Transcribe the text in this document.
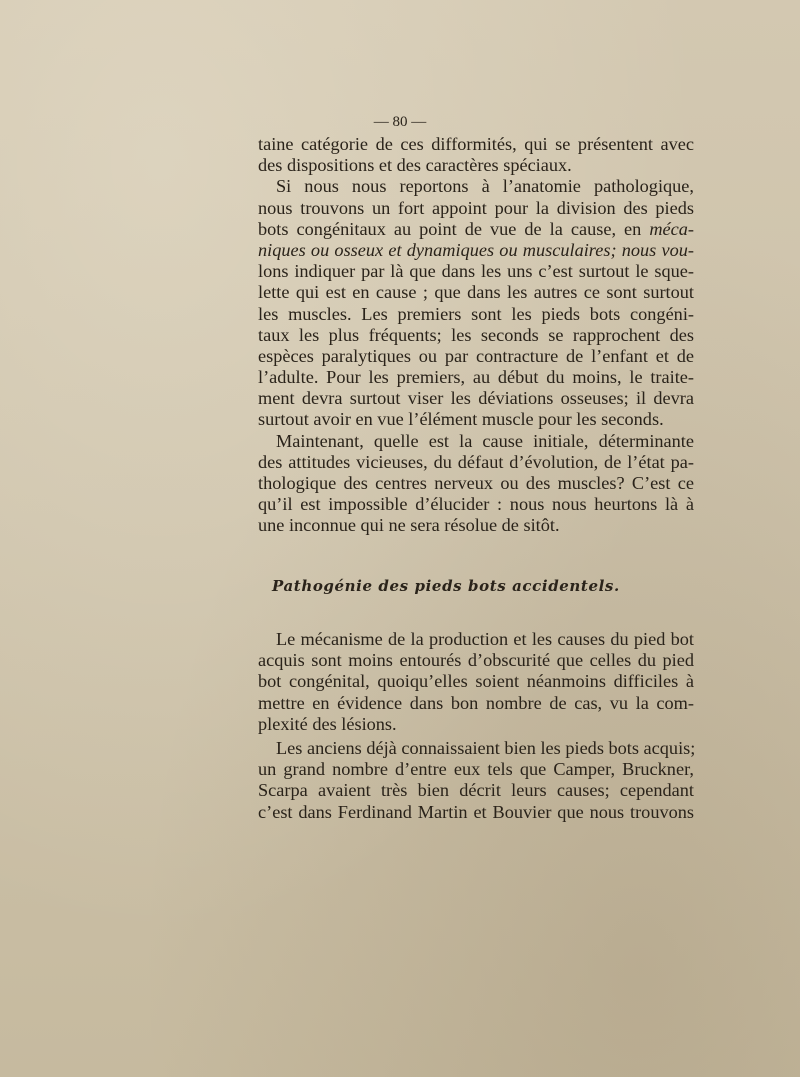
— 80 —
taine catégorie de ces difformités, qui se présentent avec
des dispositions et des caractères spéciaux.
Si nous nous reportons à l’anatomie pathologique,
nous trouvons un fort appoint pour la division des pieds
bots congénitaux au point de vue de la cause, en méca-
niques ou osseux et dynamiques ou musculaires; nous vou-
lons indiquer par là que dans les uns c’est surtout le sque-
lette qui est en cause ; que dans les autres ce sont surtout
les muscles. Les premiers sont les pieds bots congéni-
taux les plus fréquents; les seconds se rapprochent des
espèces paralytiques ou par contracture de l’enfant et de
l’adulte. Pour les premiers, au début du moins, le traite-
ment devra surtout viser les déviations osseuses; il devra
surtout avoir en vue l’élément muscle pour les seconds.
Maintenant, quelle est la cause initiale, déterminante
des attitudes vicieuses, du défaut d’évolution, de l’état pa-
thologique des centres nerveux ou des muscles? C’est ce
qu’il est impossible d’élucider : nous nous heurtons là à
une inconnue qui ne sera résolue de sitôt.
Pathogénie des pieds bots accidentels.
Le mécanisme de la production et les causes du pied bot
acquis sont moins entourés d’obscurité que celles du pied
bot congénital, quoiqu’elles soient néanmoins difficiles à
mettre en évidence dans bon nombre de cas, vu la com-
plexité des lésions.
Les anciens déjà connaissaient bien les pieds bots acquis;
un grand nombre d’entre eux tels que Camper, Bruckner,
Scarpa avaient très bien décrit leurs causes; cependant
c’est dans Ferdinand Martin et Bouvier que nous trouvons
